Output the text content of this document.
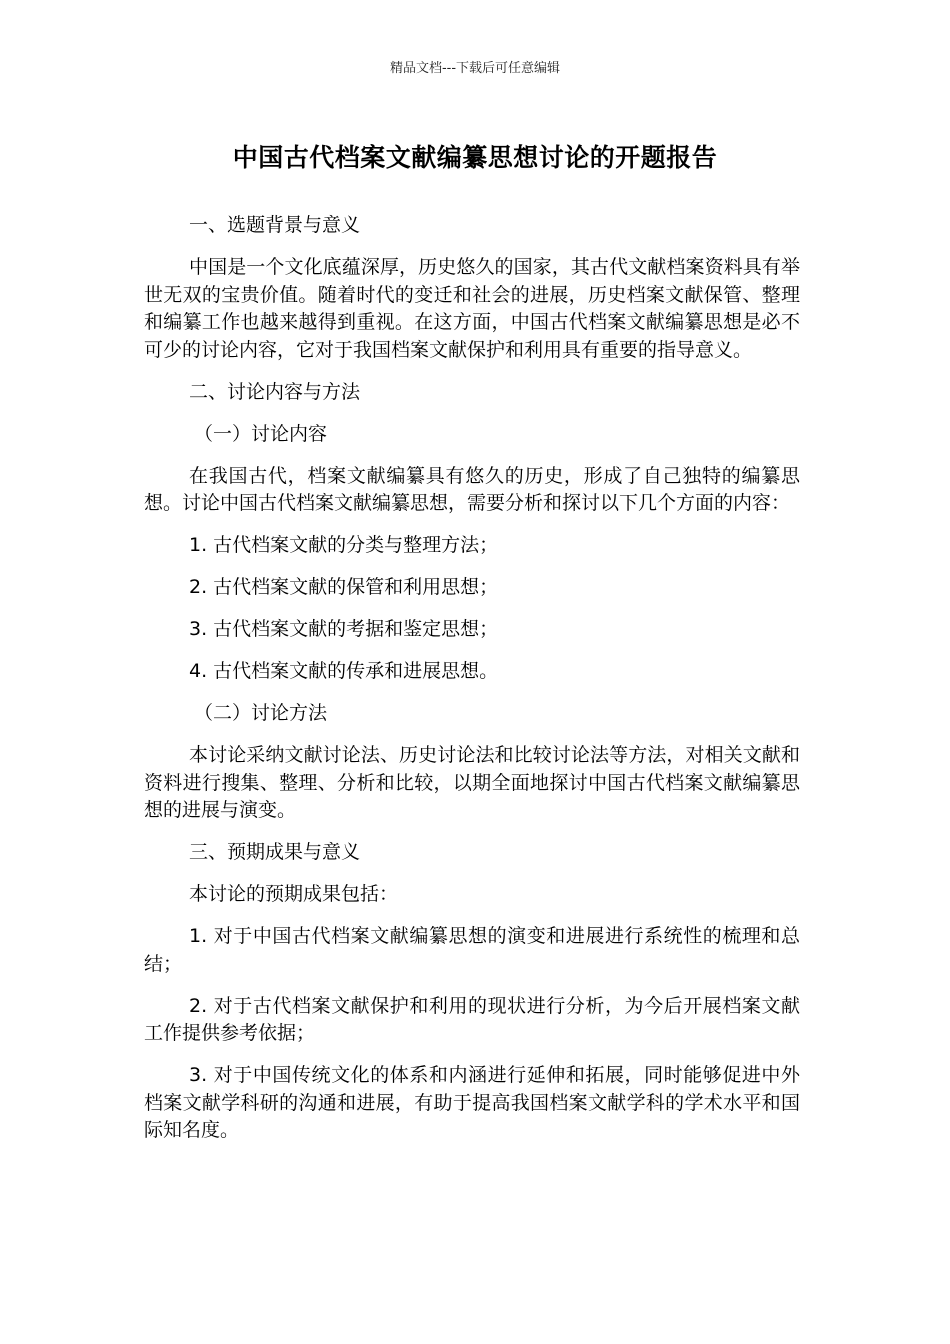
精品文档---下载后可任意编辑
中国古代档案文献编纂思想讨论的开题报告

一、选题背景与意义

中国是一个文化底蕴深厚，历史悠久的国家，其古代文献档案资料具有举世无双的宝贵价值。随着时代的变迁和社会的进展，历史档案文献保管、整理和编纂工作也越来越得到重视。在这方面，中国古代档案文献编纂思想是必不可少的讨论内容，它对于我国档案文献保护和利用具有重要的指导意义。

二、讨论内容与方法

（一）讨论内容

在我国古代，档案文献编纂具有悠久的历史，形成了自己独特的编纂思想。讨论中国古代档案文献编纂思想，需要分析和探讨以下几个方面的内容：

1. 古代档案文献的分类与整理方法；

2. 古代档案文献的保管和利用思想；

3. 古代档案文献的考据和鉴定思想；

4. 古代档案文献的传承和进展思想。

（二）讨论方法

本讨论采纳文献讨论法、历史讨论法和比较讨论法等方法，对相关文献和资料进行搜集、整理、分析和比较，以期全面地探讨中国古代档案文献编纂思想的进展与演变。

三、预期成果与意义

本讨论的预期成果包括：

1. 对于中国古代档案文献编纂思想的演变和进展进行系统性的梳理和总结；

2. 对于古代档案文献保护和利用的现状进行分析，为今后开展档案文献工作提供参考依据；

3. 对于中国传统文化的体系和内涵进行延伸和拓展，同时能够促进中外档案文献学科研的沟通和进展，有助于提高我国档案文献学科的学术水平和国际知名度。
